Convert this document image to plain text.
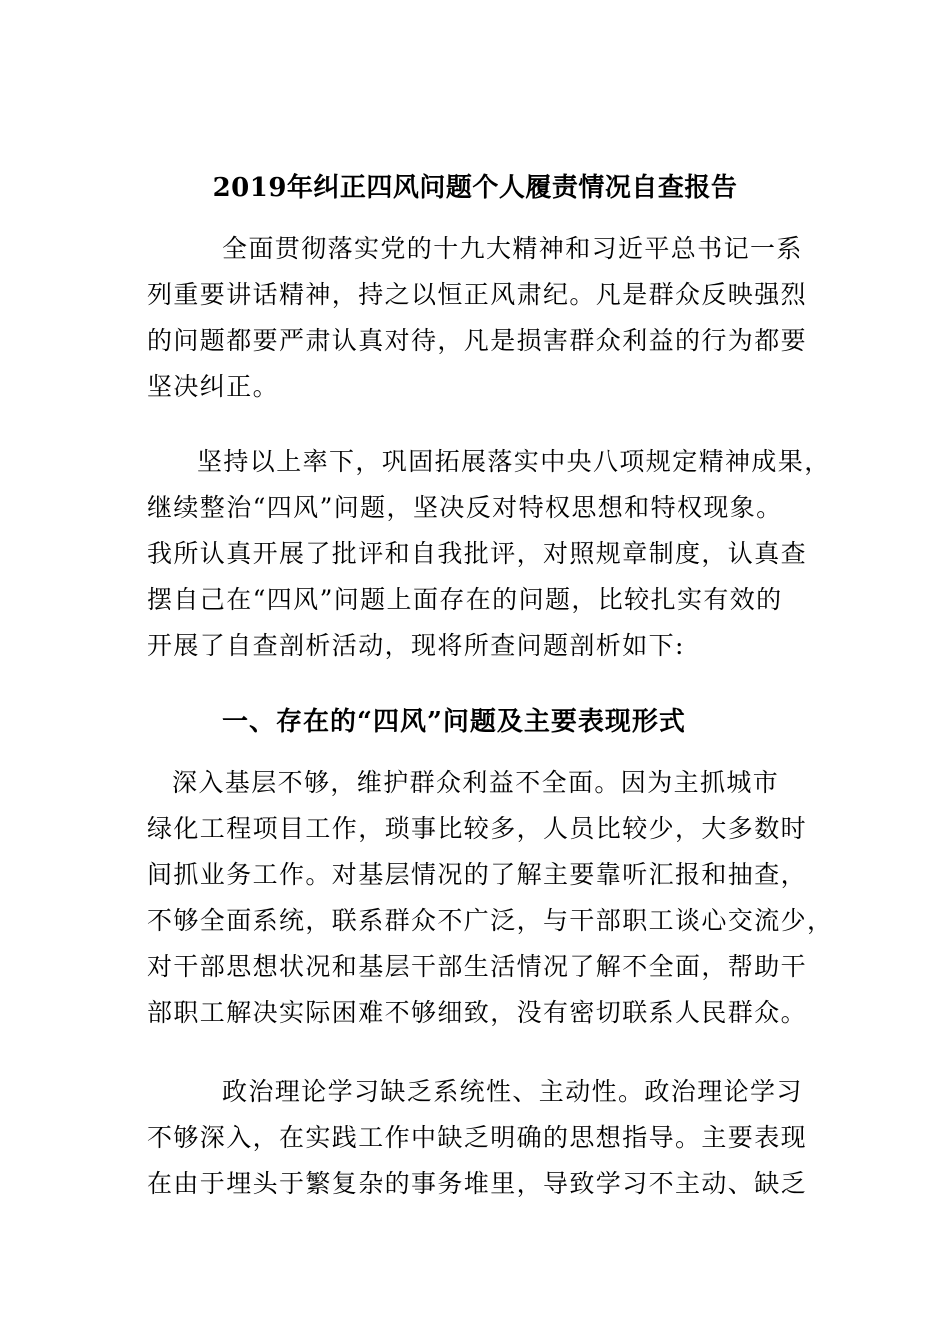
2019年纠正四风问题个人履责情况自查报告
全面贯彻落实党的十九大精神和习近平总书记一系
列重要讲话精神，持之以恒正风肃纪。凡是群众反映强烈
的问题都要严肃认真对待，凡是损害群众利益的行为都要
坚决纠正。
坚持以上率下，巩固拓展落实中央八项规定精神成果，
继续整治“四风”问题，坚决反对特权思想和特权现象。
我所认真开展了批评和自我批评，对照规章制度，认真查
摆自己在“四风”问题上面存在的问题，比较扎实有效的
开展了自查剖析活动，现将所查问题剖析如下:
一、存在的“四风”问题及主要表现形式
深入基层不够，维护群众利益不全面。因为主抓城市
绿化工程项目工作，琐事比较多，人员比较少，大多数时
间抓业务工作。对基层情况的了解主要靠听汇报和抽查，
不够全面系统，联系群众不广泛，与干部职工谈心交流少，
对干部思想状况和基层干部生活情况了解不全面，帮助干
部职工解决实际困难不够细致，没有密切联系人民群众。
政治理论学习缺乏系统性、主动性。政治理论学习
不够深入，在实践工作中缺乏明确的思想指导。主要表现
在由于埋头于繁复杂的事务堆里，导致学习不主动、缺乏
